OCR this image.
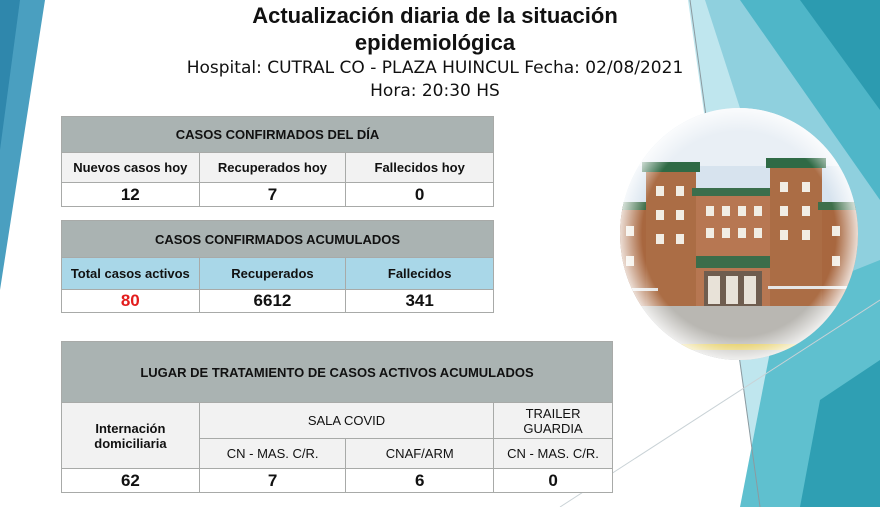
Actualización diaria de la situación epidemiológica
Hospital: CUTRAL CO - PLAZA HUINCUL Fecha: 02/08/2021
Hora: 20:30 HS
CASOS CONFIRMADOS DEL DÍA		
Nuevos casos hoy	Recuperados hoy	Fallecidos hoy
12	7	0
CASOS CONFIRMADOS ACUMULADOS		
Total casos activos	Recuperados	Fallecidos
80	6612	341
LUGAR DE TRATAMIENTO DE CASOS ACTIVOS ACUMULADOS			
Internación domiciliaria	SALA COVID		TRAILER GUARDIA
	CN - MAS. C/R.	CNAF/ARM	CN - MAS. C/R.
62	7	6	0
